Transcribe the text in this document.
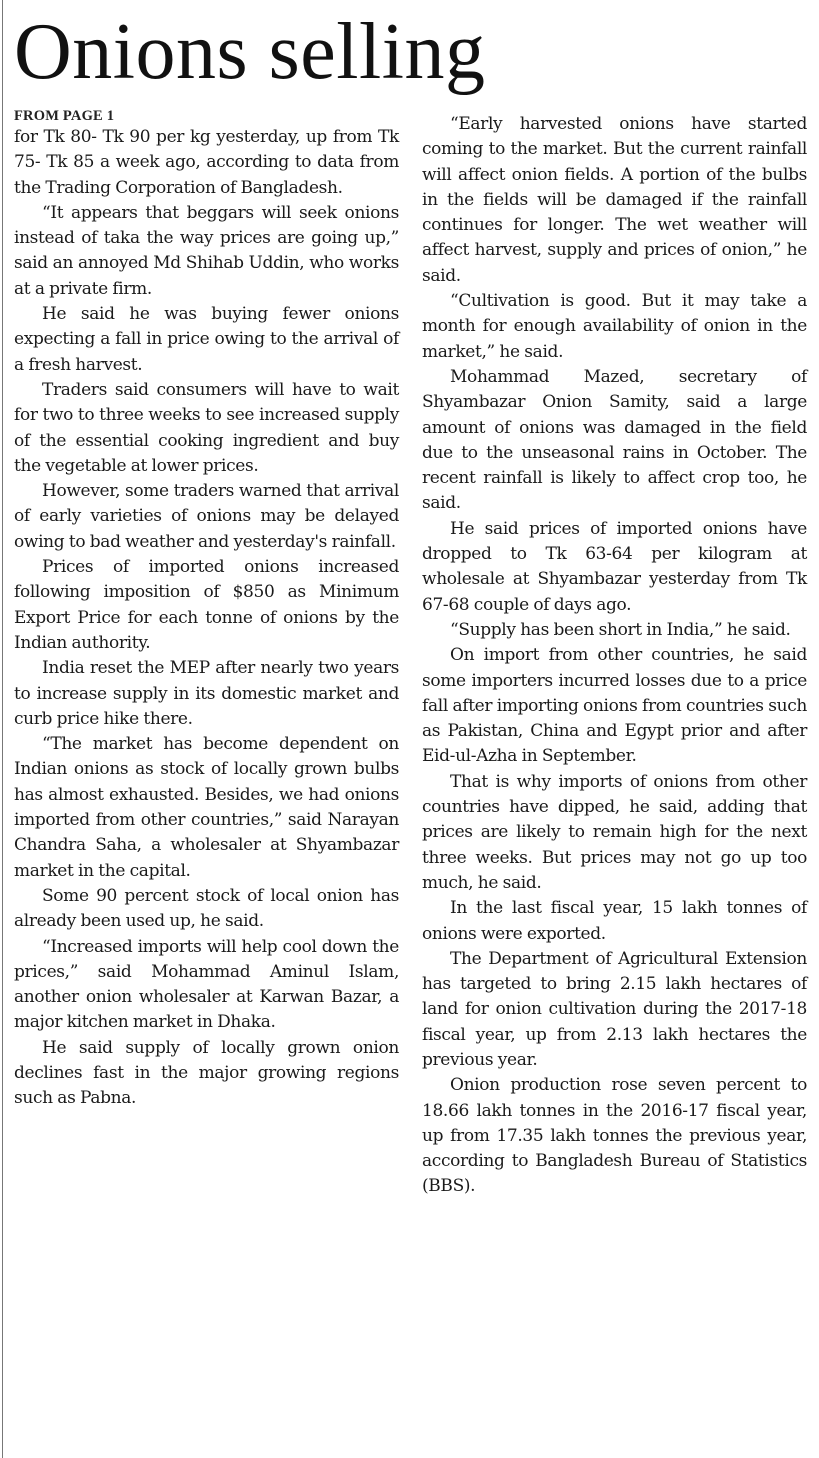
Onions selling

FROM PAGE 1

for Tk 80- Tk 90 per kg yesterday, up from Tk 75- Tk 85 a week ago, according to data from the Trading Corporation of Bangladesh.

“It appears that beggars will seek onions instead of taka the way prices are going up,” said an annoyed Md Shihab Uddin, who works at a private firm.

He said he was buying fewer onions expecting a fall in price owing to the arrival of a fresh harvest.

Traders said consumers will have to wait for two to three weeks to see increased supply of the essential cooking ingredient and buy the vegetable at lower prices.

However, some traders warned that arrival of early varieties of onions may be delayed owing to bad weather and yesterday's rainfall.

Prices of imported onions increased following imposition of $850 as Minimum Export Price for each tonne of onions by the Indian authority.

India reset the MEP after nearly two years to increase supply in its domestic market and curb price hike there.

“The market has become dependent on Indian onions as stock of locally grown bulbs has almost exhausted. Besides, we had onions imported from other countries,” said Narayan Chandra Saha, a wholesaler at Shyambazar market in the capital.

Some 90 percent stock of local onion has already been used up, he said.

“Increased imports will help cool down the prices,” said Mohammad Aminul Islam, another onion wholesaler at Karwan Bazar, a major kitchen market in Dhaka.

He said supply of locally grown onion declines fast in the major growing regions such as Pabna.

“Early harvested onions have started coming to the market. But the current rainfall will affect onion fields. A portion of the bulbs in the fields will be damaged if the rainfall continues for longer. The wet weather will affect harvest, supply and prices of onion,” he said.

“Cultivation is good. But it may take a month for enough availability of onion in the market,” he said.

Mohammad Mazed, secretary of Shyambazar Onion Samity, said a large amount of onions was damaged in the field due to the unseasonal rains in October. The recent rainfall is likely to affect crop too, he said.

He said prices of imported onions have dropped to Tk 63-64 per kilogram at wholesale at Shyambazar yesterday from Tk 67-68 couple of days ago.

“Supply has been short in India,” he said.

On import from other countries, he said some importers incurred losses due to a price fall after importing onions from countries such as Pakistan, China and Egypt prior and after Eid-ul-Azha in September.

That is why imports of onions from other countries have dipped, he said, adding that prices are likely to remain high for the next three weeks. But prices may not go up too much, he said.

In the last fiscal year, 15 lakh tonnes of onions were exported.

The Department of Agricultural Extension has targeted to bring 2.15 lakh hectares of land for onion cultivation during the 2017-18 fiscal year, up from 2.13 lakh hectares the previous year.

Onion production rose seven percent to 18.66 lakh tonnes in the 2016-17 fiscal year, up from 17.35 lakh tonnes the previous year, according to Bangladesh Bureau of Statistics (BBS).
